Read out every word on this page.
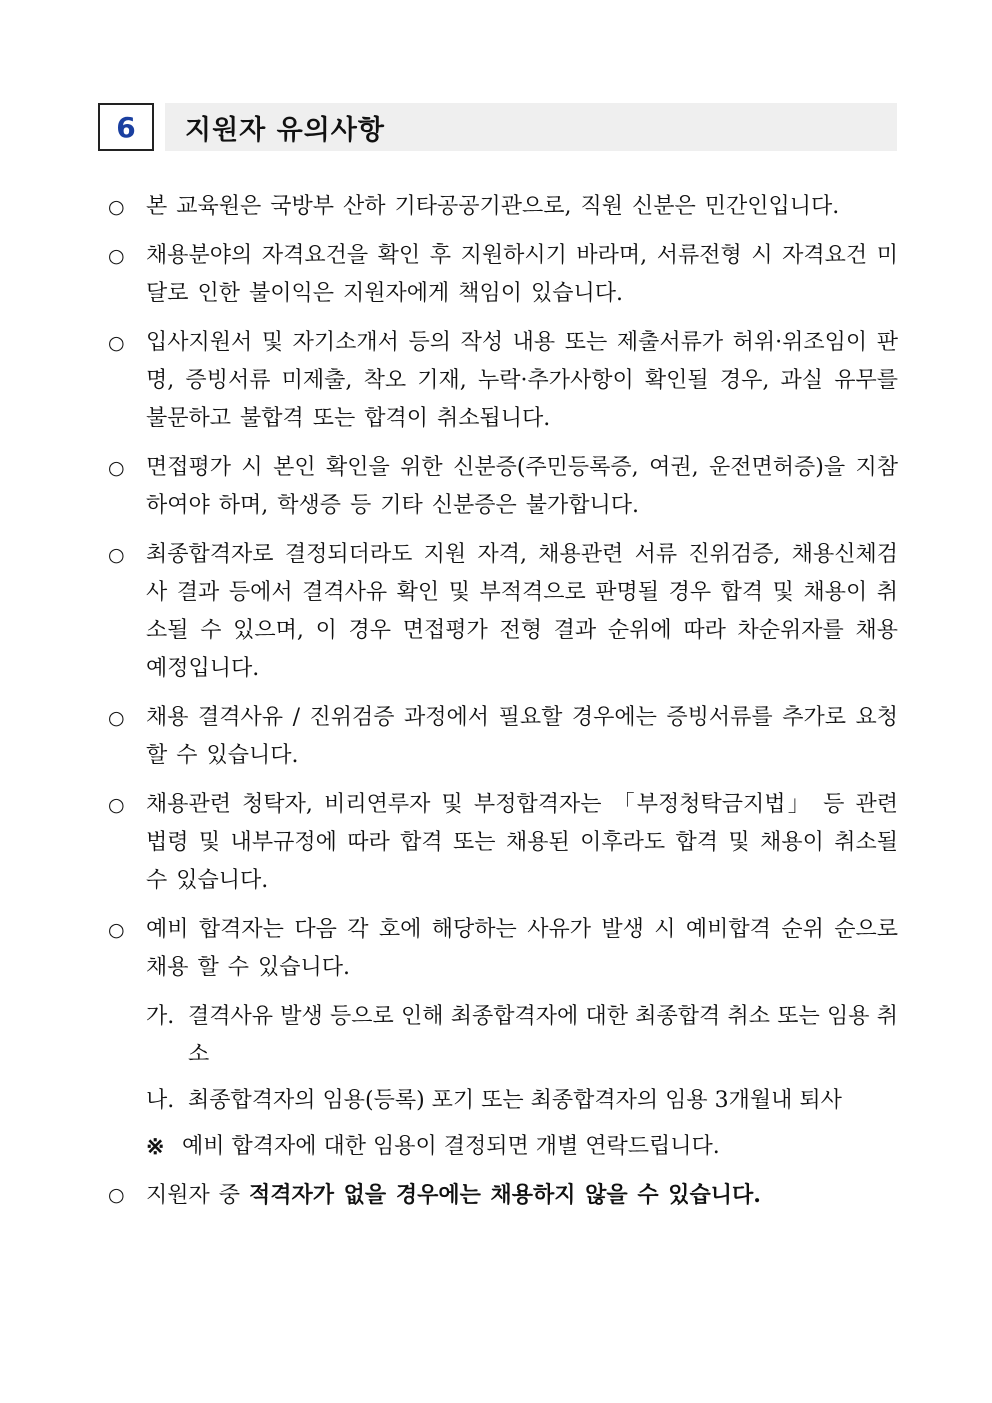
6	지원자 유의사항
○ 본 교육원은 국방부 산하 기타공공기관으로, 직원 신분은 민간인입니다.
○ 채용분야의 자격요건을 확인 후 지원하시기 바라며, 서류전형 시 자격요건 미달로 인한 불이익은 지원자에게 책임이 있습니다.
○ 입사지원서 및 자기소개서 등의 작성 내용 또는 제출서류가 허위·위조임이 판명, 증빙서류 미제출, 착오 기재, 누락·추가사항이 확인될 경우, 과실 유무를 불문하고 불합격 또는 합격이 취소됩니다.
○ 면접평가 시 본인 확인을 위한 신분증(주민등록증, 여권, 운전면허증)을 지참하여야 하며, 학생증 등 기타 신분증은 불가합니다.
○ 최종합격자로 결정되더라도 지원 자격, 채용관련 서류 진위검증, 채용신체검사 결과 등에서 결격사유 확인 및 부적격으로 판명될 경우 합격 및 채용이 취소될 수 있으며, 이 경우 면접평가 전형 결과 순위에 따라 차순위자를 채용 예정입니다.
○ 채용 결격사유 / 진위검증 과정에서 필요할 경우에는 증빙서류를 추가로 요청할 수 있습니다.
○ 채용관련 청탁자, 비리연루자 및 부정합격자는 「부정청탁금지법」 등 관련 법령 및 내부규정에 따라 합격 또는 채용된 이후라도 합격 및 채용이 취소될 수 있습니다.
○ 예비 합격자는 다음 각 호에 해당하는 사유가 발생 시 예비합격 순위 순으로 채용 할 수 있습니다.
가. 결격사유 발생 등으로 인해 최종합격자에 대한 최종합격 취소 또는 임용 취소
나. 최종합격자의 임용(등록) 포기 또는 최종합격자의 임용 3개월내 퇴사
※ 예비 합격자에 대한 임용이 결정되면 개별 연락드립니다.
○ 지원자 중 적격자가 없을 경우에는 채용하지 않을 수 있습니다.
